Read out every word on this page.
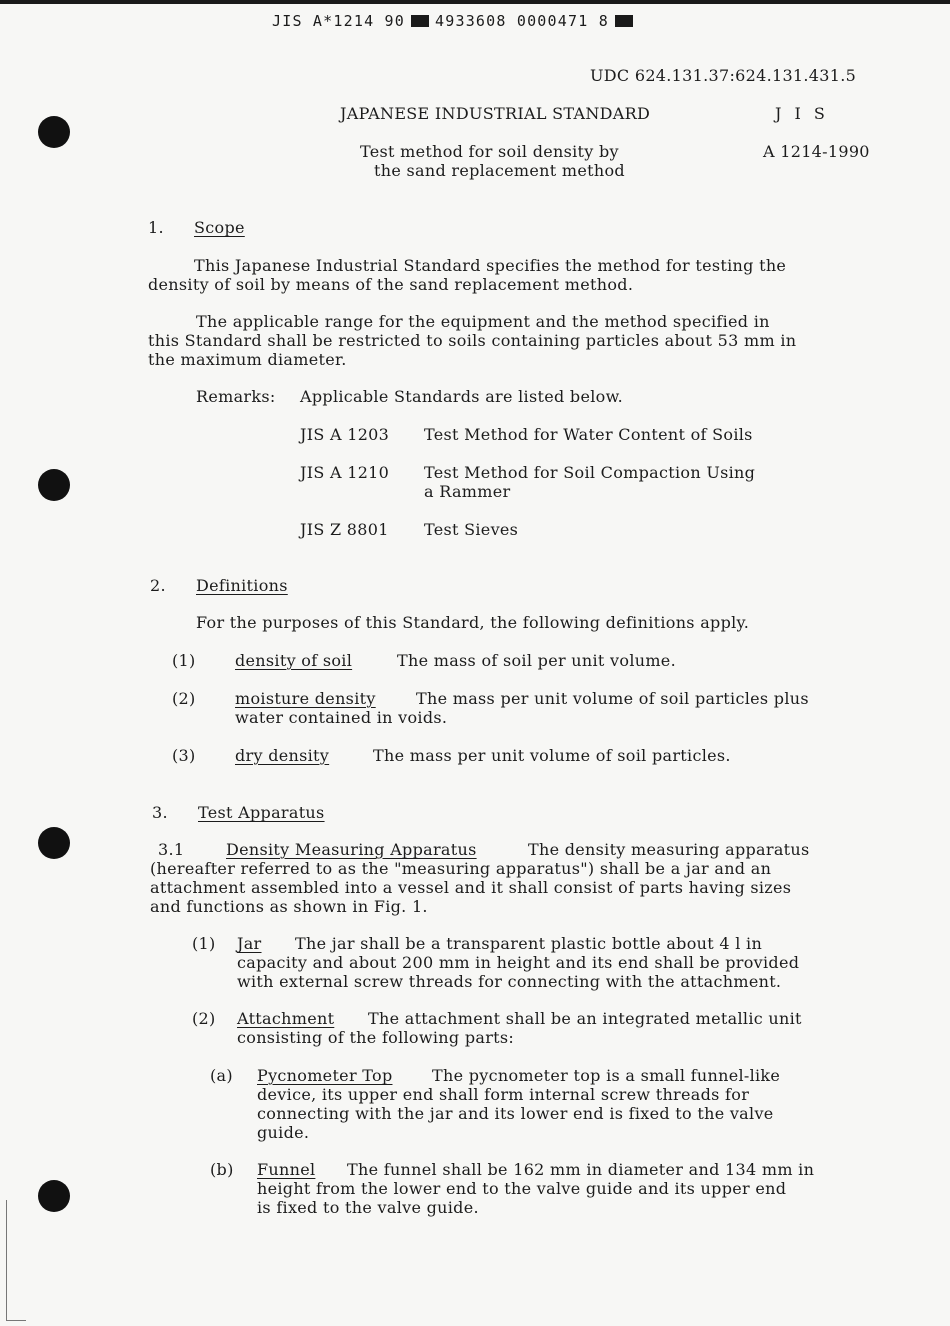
JIS A*1214 90 4933608 0000471 8
UDC 624.131.37:624.131.431.5
JAPANESE INDUSTRIAL STANDARD	J I S
Test method for soil density by
the sand replacement method
A 1214-1990
1. Scope
This Japanese Industrial Standard specifies the method for testing the
density of soil by means of the sand replacement method.
The applicable range for the equipment and the method specified in
this Standard shall be restricted to soils containing particles about 53 mm in
the maximum diameter.
Remarks: Applicable Standards are listed below.
JIS A 1203 Test Method for Water Content of Soils
JIS A 1210 Test Method for Soil Compaction Using
a Rammer
JIS Z 8801 Test Sieves
2. Definitions
For the purposes of this Standard, the following definitions apply.
(1) density of soil	The mass of soil per unit volume.
(2) moisture density	The mass per unit volume of soil particles plus
water contained in voids.
(3) dry density	The mass per unit volume of soil particles.
3. Test Apparatus
3.1	Density Measuring Apparatus	The density measuring apparatus
(hereafter referred to as the "measuring apparatus") shall be a jar and an
attachment assembled into a vessel and it shall consist of parts having sizes
and functions as shown in Fig. 1.
(1) Jar The jar shall be a transparent plastic bottle about 4 l in
capacity and about 200 mm in height and its end shall be provided
with external screw threads for connecting with the attachment.
(2) Attachment The attachment shall be an integrated metallic unit
consisting of the following parts:
(a) Pycnometer Top The pycnometer top is a small funnel-like
device, its upper end shall form internal screw threads for
connecting with the jar and its lower end is fixed to the valve
guide.
(b) Funnel The funnel shall be 162 mm in diameter and 134 mm in
height from the lower end to the valve guide and its upper end
is fixed to the valve guide.
